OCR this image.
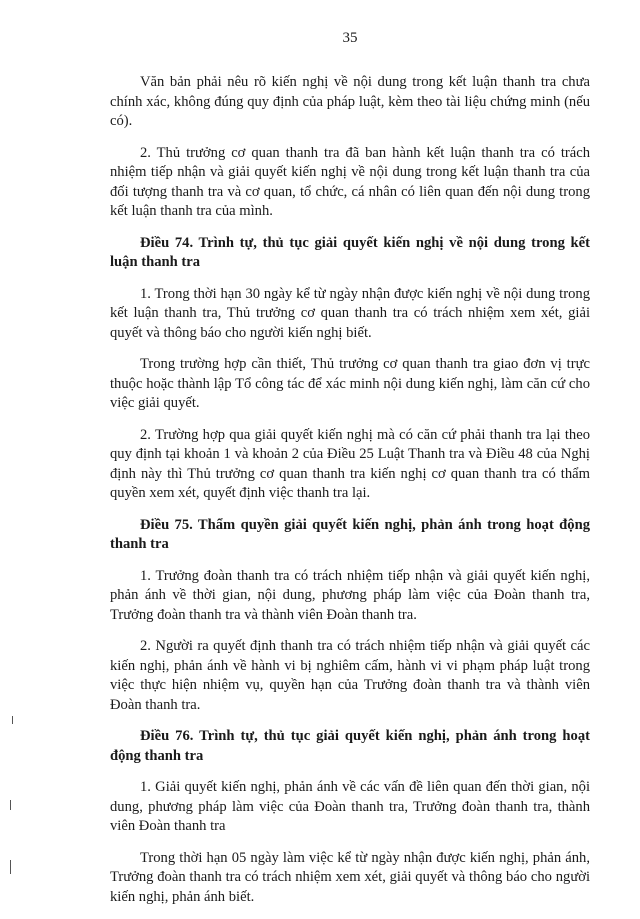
35

Văn bản phải nêu rõ kiến nghị về nội dung trong kết luận thanh tra chưa chính xác, không đúng quy định của pháp luật, kèm theo tài liệu chứng minh (nếu có).

2. Thủ trưởng cơ quan thanh tra đã ban hành kết luận thanh tra có trách nhiệm tiếp nhận và giải quyết kiến nghị về nội dung trong kết luận thanh tra của đối tượng thanh tra và cơ quan, tổ chức, cá nhân có liên quan đến nội dung trong kết luận thanh tra của mình.

Điều 74. Trình tự, thủ tục giải quyết kiến nghị về nội dung trong kết luận thanh tra

1. Trong thời hạn 30 ngày kể từ ngày nhận được kiến nghị về nội dung trong kết luận thanh tra, Thủ trưởng cơ quan thanh tra có trách nhiệm xem xét, giải quyết và thông báo cho người kiến nghị biết.

Trong trường hợp cần thiết, Thủ trưởng cơ quan thanh tra giao đơn vị trực thuộc hoặc thành lập Tổ công tác để xác minh nội dung kiến nghị, làm căn cứ cho việc giải quyết.

2. Trường hợp qua giải quyết kiến nghị mà có căn cứ phải thanh tra lại theo quy định tại khoản 1 và khoản 2 của Điều 25 Luật Thanh tra và Điều 48 của Nghị định này thì Thủ trưởng cơ quan thanh tra kiến nghị cơ quan thanh tra có thẩm quyền xem xét, quyết định việc thanh tra lại.

Điều 75. Thẩm quyền giải quyết kiến nghị, phản ánh trong hoạt động thanh tra

1. Trưởng đoàn thanh tra có trách nhiệm tiếp nhận và giải quyết kiến nghị, phản ánh về thời gian, nội dung, phương pháp làm việc của Đoàn thanh tra, Trưởng đoàn thanh tra và thành viên Đoàn thanh tra.

2. Người ra quyết định thanh tra có trách nhiệm tiếp nhận và giải quyết các kiến nghị, phản ánh về hành vi bị nghiêm cấm, hành vi vi phạm pháp luật trong việc thực hiện nhiệm vụ, quyền hạn của Trưởng đoàn thanh tra và thành viên Đoàn thanh tra.

Điều 76. Trình tự, thủ tục giải quyết kiến nghị, phản ánh trong hoạt động thanh tra

1. Giải quyết kiến nghị, phản ánh về các vấn đề liên quan đến thời gian, nội dung, phương pháp làm việc của Đoàn thanh tra, Trưởng đoàn thanh tra, thành viên Đoàn thanh tra

Trong thời hạn 05 ngày làm việc kể từ ngày nhận được kiến nghị, phản ánh, Trưởng đoàn thanh tra có trách nhiệm xem xét, giải quyết và thông báo cho người kiến nghị, phản ánh biết.
